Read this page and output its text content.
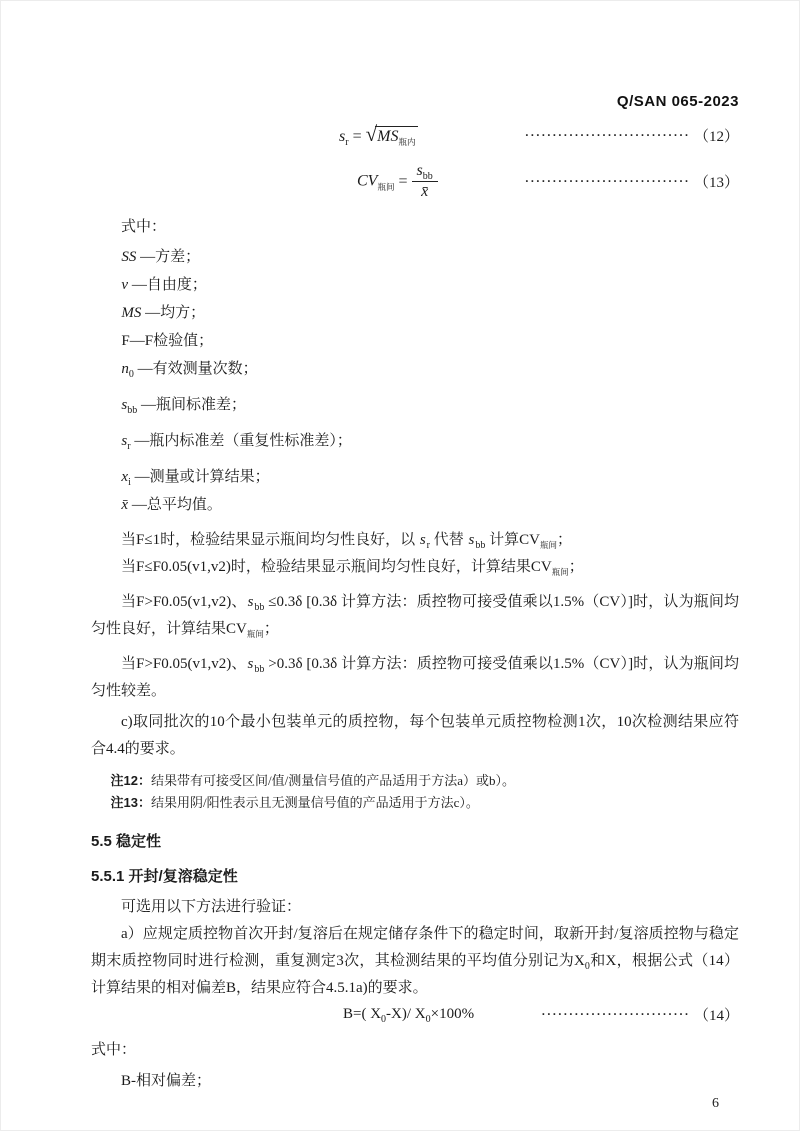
Q/SAN 065-2023
$s_r = √MS_{瓶内}$
······························ （12）
$CV_{瓶间} = \frac{s_{bb}}{x̄}$	······························ （13）

式中：

SS —方差；
v —自由度；
MS —均方；
F—F检验值；
$n_0$ —有效测量次数；
$s_{bb}$ —瓶间标准差；
$s_r$ —瓶内标准差（重复性标准差）；
$x_i$ —测量或计算结果；
x̄ —总平均值。

当F≤1时，检验结果显示瓶间均匀性良好，以 $s_r$ 代替 $s_{bb}$ 计算$CV_{瓶间}$；

当F≤F0.05(v1,v2)时，检验结果显示瓶间均匀性良好，计算结果$CV_{瓶间}$；

当F>F0.05(v1,v2)、$s_{bb} \le 0.3\delta$ [0.3δ 计算方法：质控物可接受值乘以1.5%（CV）]时，认为瓶间均匀性良好，计算结果$CV_{瓶间}$；

当F>F0.05(v1,v2)、$s_{bb} >0.3\delta$ [0.3δ 计算方法：质控物可接受值乘以1.5%（CV）]时，认为瓶间均匀性较差。

c)取同批次的10个最小包装单元的质控物，每个包装单元质控物检测1次，10次检测结果应符合4.4的要求。

注12：结果带有可接受区间/值/测量信号值的产品适用于方法a）或b）。

注13：结果用阴/阳性表示且无测量信号值的产品适用于方法c）。

5.5 稳定性
5.5.1 开封/复溶稳定性

可选用以下方法进行验证：

a）应规定质控物首次开封/复溶后在规定储存条件下的稳定时间，取新开封/复溶质控物与稳定期末质控物同时进行检测，重复测定3次，其检测结果的平均值分别记为$X_0$和X，根据公式（14）计算结果的相对偏差B，结果应符合4.5.1a)的要求。

B=( $X_0-X)/$ $X_0\times 100\%$	··························· （14）

式中：

B-相对偏差；

6
